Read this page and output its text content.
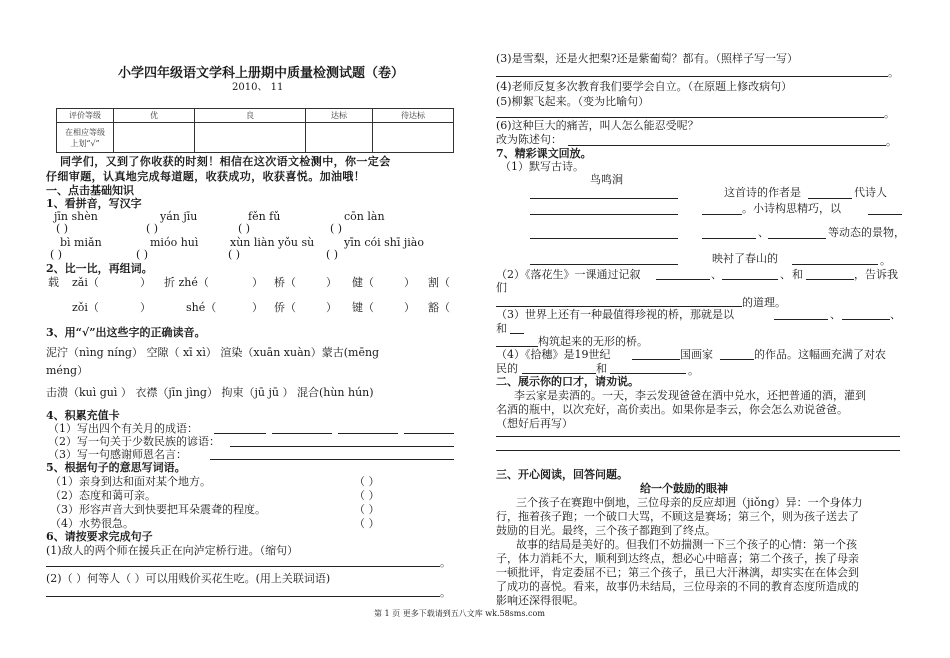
小学四年级语文学科上册期中质量检测试题（卷）
2010、 11
评价等级	优	良	达标	待达标
在相应等级
上划“√”				
同学们，又到了你收获的时刻！相信在这次语文检测中，你一定会
仔细审题，认真地完成每道题，收获成功，收获喜悦。加油哦！
一、点击基础知识
1、看拼音，写汉字
jīn shèn	yán jīu	fěn fǔ	cōn làn
( )	( )	( )	( )
bì miǎn	mióo huì	xùn liàn yǒu sù	yīn cói shī jiào
( )	( )	( )	( )
2、比一比，再组词。
载 zǎi（	） 折 zhé（	） 桥（	） 健（	） 割（
zǒi（	）	shé（	） 侨（	） 键（	） 豁（
3、用“√”出这些字的正确读音。
泥泞（nìng níng） 空隙（ xī xì） 渲染（xuān xuàn）蒙古(mēng
méng）
击溃（kuì guì ） 衣襟（jīn jìng） 拘束（jū jū ） 混合(hùn hún)
4、积累充值卡
（1）写出四个有关月的成语：
（2）写一句关于少数民族的谚语：
（3）写一句感谢师恩名言：
5、根据句子的意思写词语。
（1）亲身到达和面对某个地方。	（ ）
（2）态度和蔼可亲。	（ ）
（3）形容声音大到快要把耳朵震聋的程度。	（ ）
（4）水势很急。	（ ）
6、请按要求完成句子
(1)敌人的两个师在援兵正在向泸定桥行进。（缩句）
。
(2)（ ）何等人（ ）可以用贱价买花生吃。(用上关联词语)
。
(3)是雪梨，还是火把梨?还是紫葡萄？都有。（照样子写一写）
。
(4)老师反复多次教育我们要学会自立。（在原题上修改病句）
(5)柳絮飞起来。（变为比喻句）
。
(6)这种巨大的痛苦，叫人怎么能忍受呢？
改为陈述句：	。
7、精彩课文回放。
（1）默写古诗。
鸟鸣涧
这首诗的作者是	代诗人
。小诗构思精巧，以
、	等动态的景物，
映衬了春山的	。
（2）《落花生》一课通过记叙	、	、 和	，告诉我
们
的道理。
（3）世界上还有一种最值得珍视的桥，那就是以	、	、
和
构筑起来的无形的桥。
（4）《拾穗》是19世纪	国画家	的作品。这幅画充满了对农
民的	和	。
二、展示你的口才，请劝说。
李云家是卖酒的。一天，李云发现爸爸在酒中兑水，还把普通的酒，灌到
名酒的瓶中，以次充好，高价卖出。如果你是李云，你会怎么劝说爸爸。
（想好后再写）
三、开心阅读，回答问题。
给一个鼓励的眼神
三个孩子在赛跑中倒地，三位母亲的反应却迥（jiǒng）异：一个身体力
行，拖着孩子跑；一个破口大骂，不顾这是赛场；第三个，则为孩子送去了
鼓励的目光。最终，三个孩子都跑到了终点。
故事的结局是美好的。但我们不妨揣测一下三个孩子的心情：第一个孩
子，体力消耗不大，顺利到达终点，想必心中暗喜；第二个孩子，挨了母亲
一顿批评，肯定委屈不已；第三个孩子，虽已大汗淋漓，却实实在在体会到
了成功的喜悦。看来，故事仍未结局，三位母亲的不同的教育态度所造成的
影响还深得很呢。
第 1 页 更多下载请到五八文库 wk.58sms.com
